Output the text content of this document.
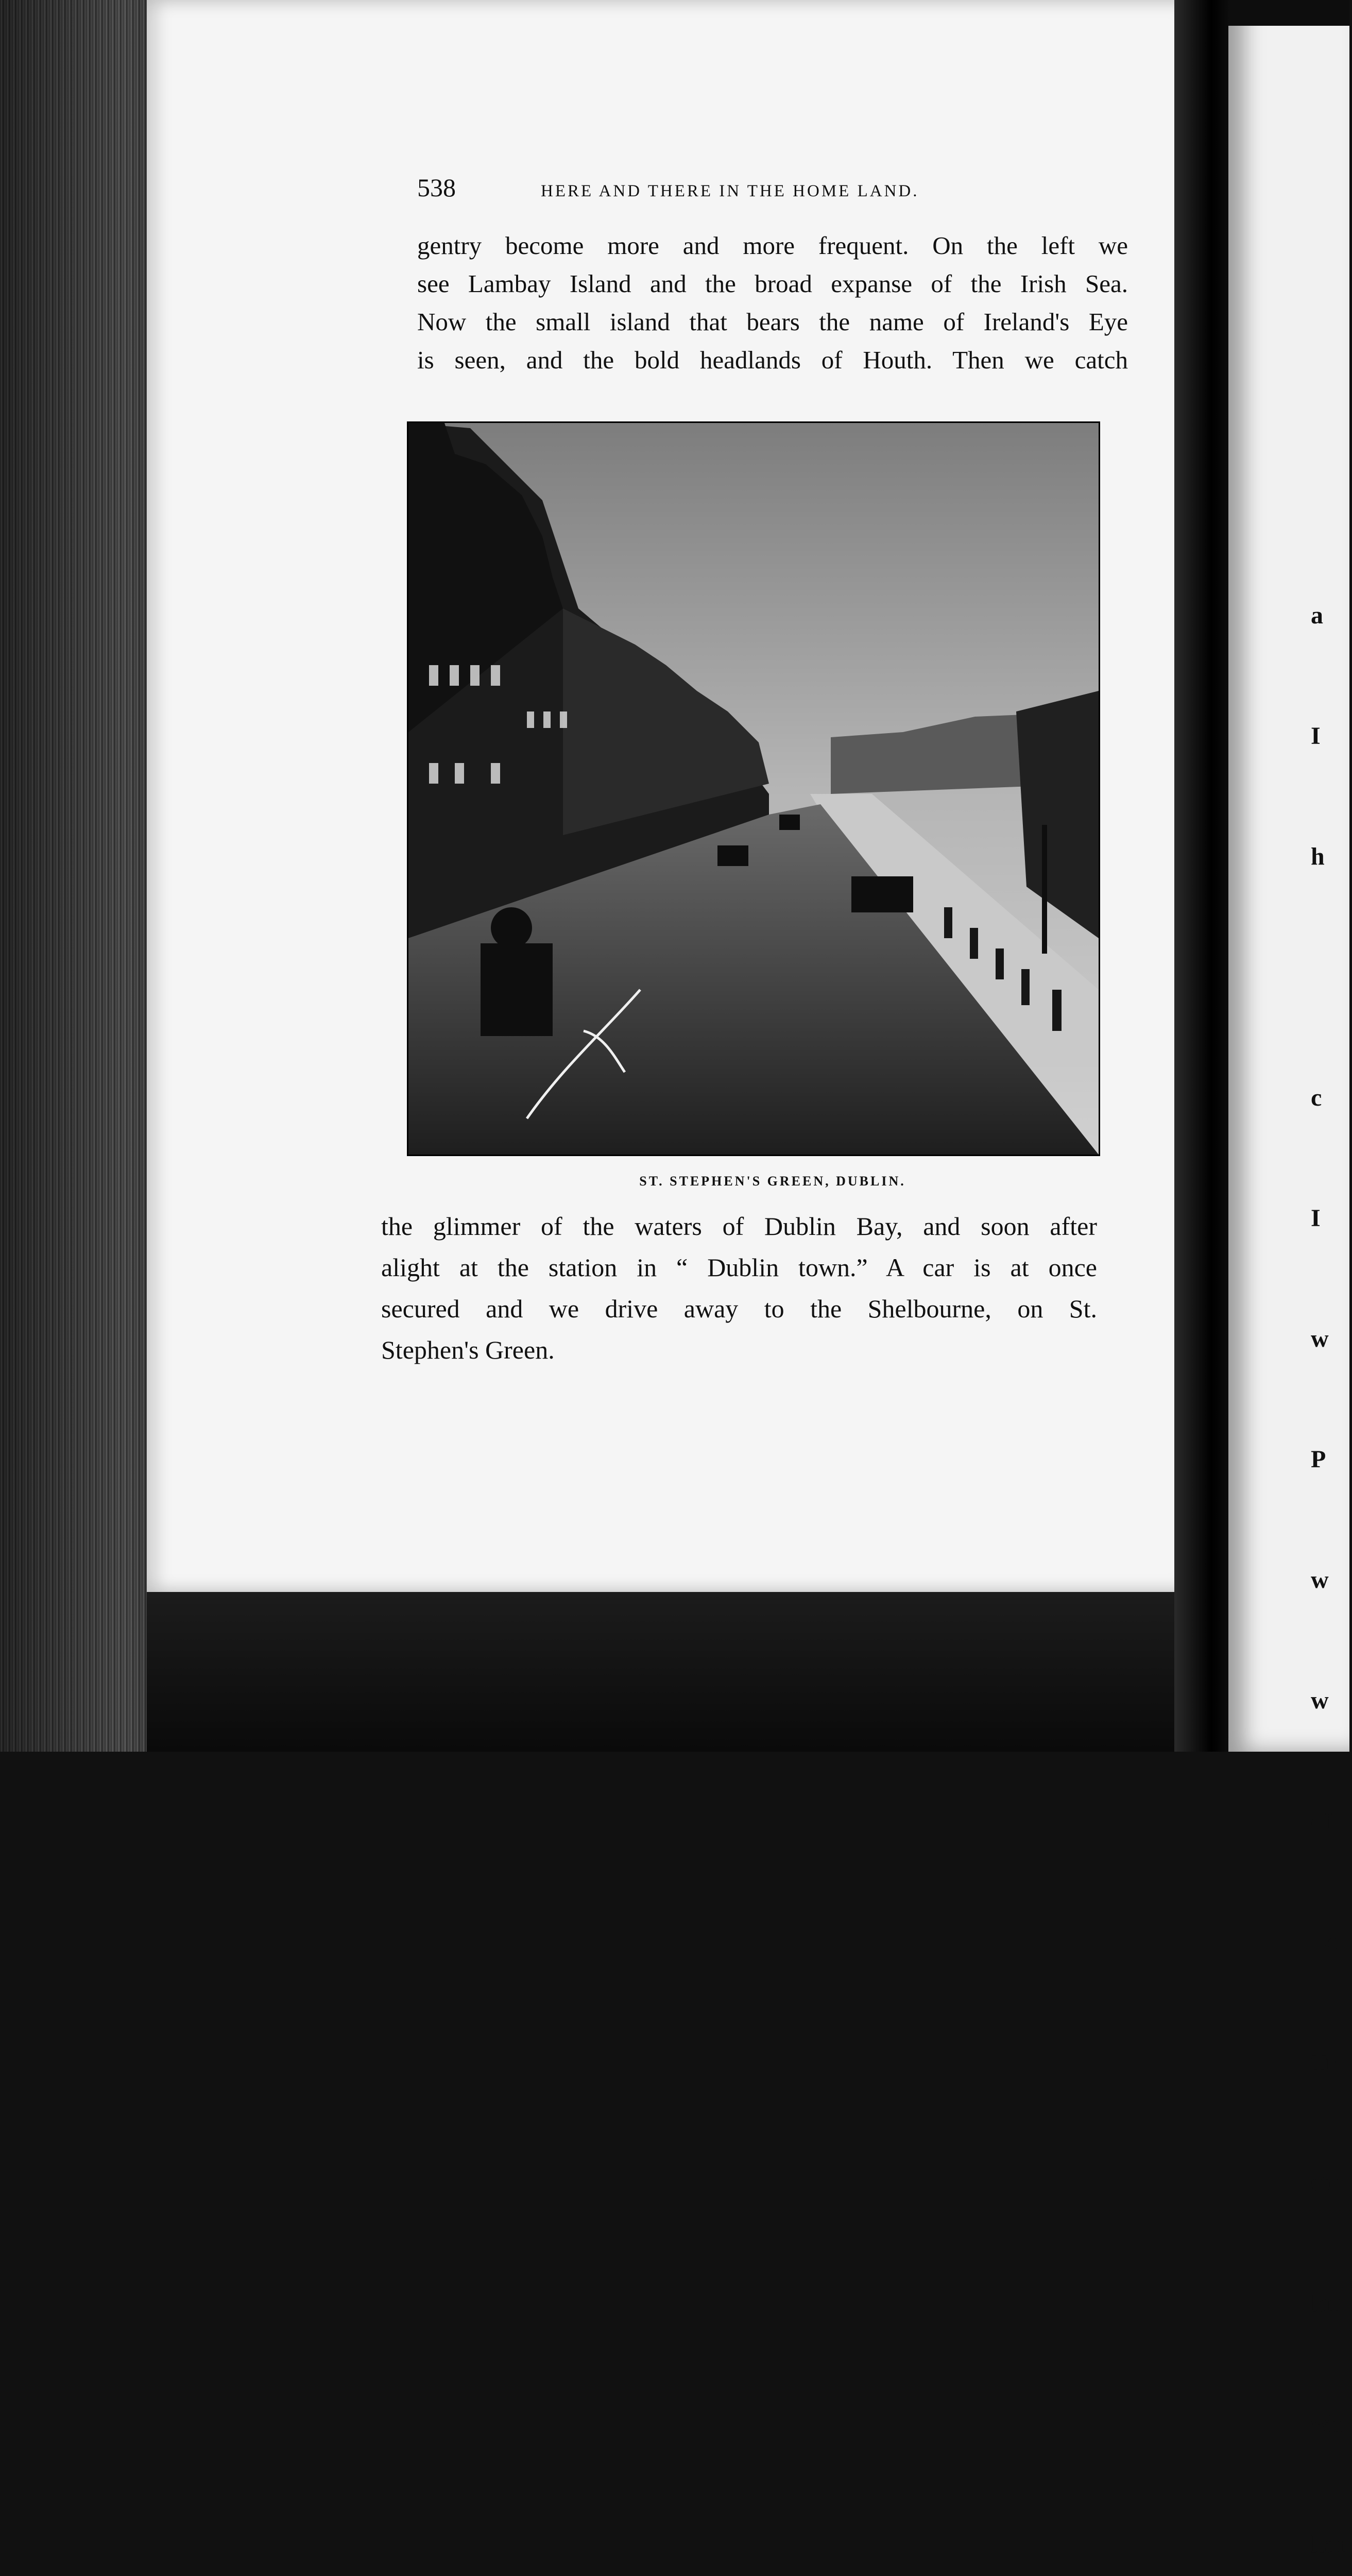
538	HERE AND THERE IN THE HOME LAND.
gentry become more and more frequent. On the left we
see Lambay Island and the broad expanse of the Irish Sea.
Now the small island that bears the name of Ireland's Eye
is seen, and the bold headlands of Houth. Then we catch
ST. STEPHEN'S GREEN, DUBLIN.
the glimmer of the waters of Dublin Bay, and soon after
alight at the station in “ Dublin town.” A car is at once
secured and we drive away to the Shelbourne, on St.
Stephen's Green.

a

I

h

c

I

w

P

w

w

of

Le

Tr

sto

lar

wh

har
